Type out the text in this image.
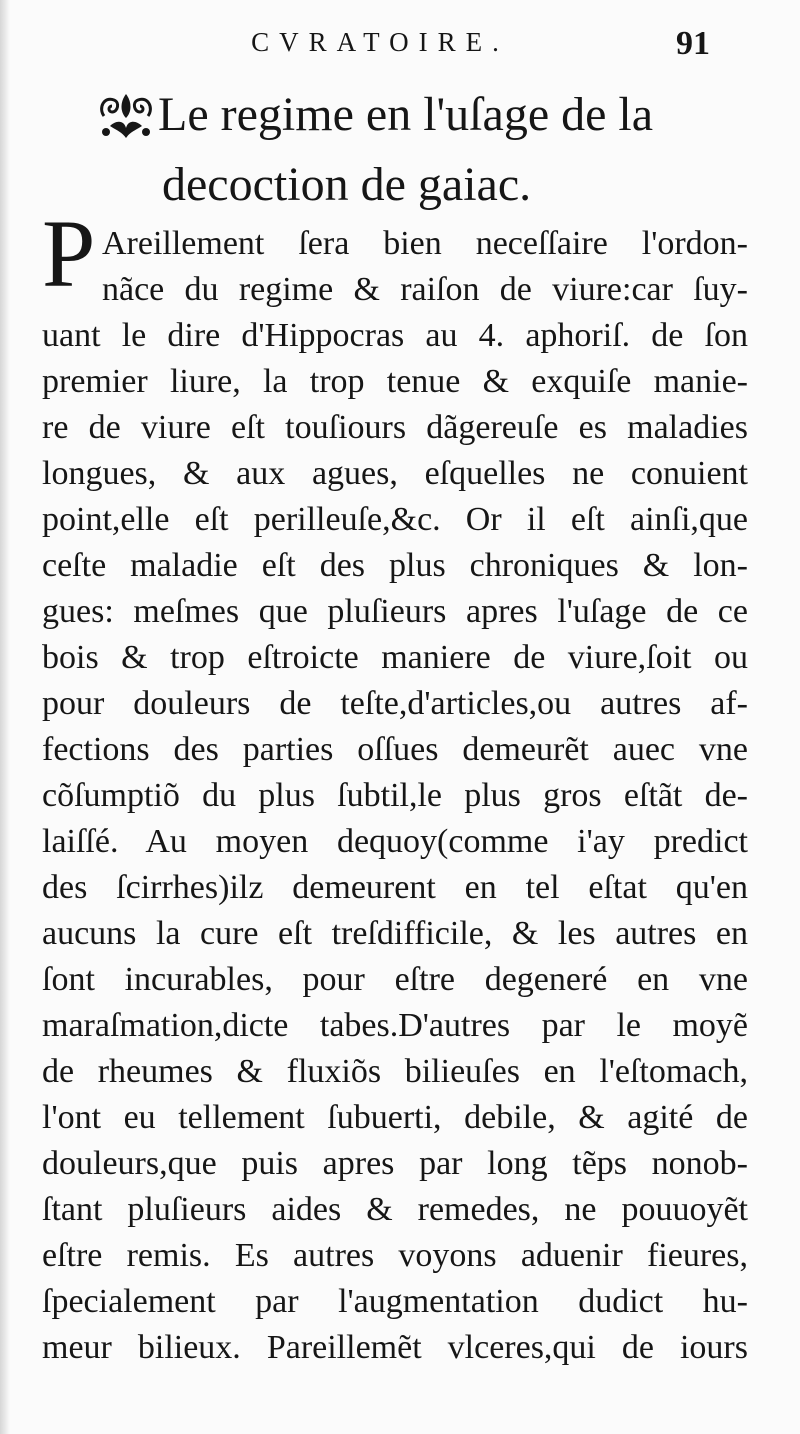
CVRATOIRE.	91
Le regime en l'uſage de la
decoction de gaiac.
P Areillement ſera bien neceſſaire l'ordon-
nãce du regime & raiſon de viure:car ſuy-
uant le dire d'Hippocras au 4. aphoriſ. de ſon
premier liure, la trop tenue & exquiſe manie-
re de viure eſt touſiours dãgereuſe es maladies
longues, & aux agues, eſquelles ne conuient
point,elle eſt perilleuſe,&c. Or il eſt ainſi,que
ceſte maladie eſt des plus chroniques & lon-
gues: meſmes que pluſieurs apres l'uſage de ce
bois & trop eſtroicte maniere de viure,ſoit ou
pour douleurs de teſte,d'articles,ou autres af-
fections des parties oſſues demeurẽt auec vne
cõſumptiõ du plus ſubtil,le plus gros eſtãt de-
laiſſé. Au moyen dequoy(comme i'ay predict
des ſcirrhes)ilz demeurent en tel eſtat qu'en
aucuns la cure eſt treſdifficile, & les autres en
ſont incurables, pour eſtre degeneré en vne
maraſmation,dicte tabes.D'autres par le moyẽ
de rheumes & fluxiõs bilieuſes en l'eſtomach,
l'ont eu tellement ſubuerti, debile, & agité de
douleurs,que puis apres par long tẽps nonob-
ſtant pluſieurs aides & remedes, ne pouuoyẽt
eſtre remis. Es autres voyons aduenir fieures,
ſpecialement par l'augmentation dudict hu-
meur bilieux. Pareillemẽt vlceres,qui de iours
